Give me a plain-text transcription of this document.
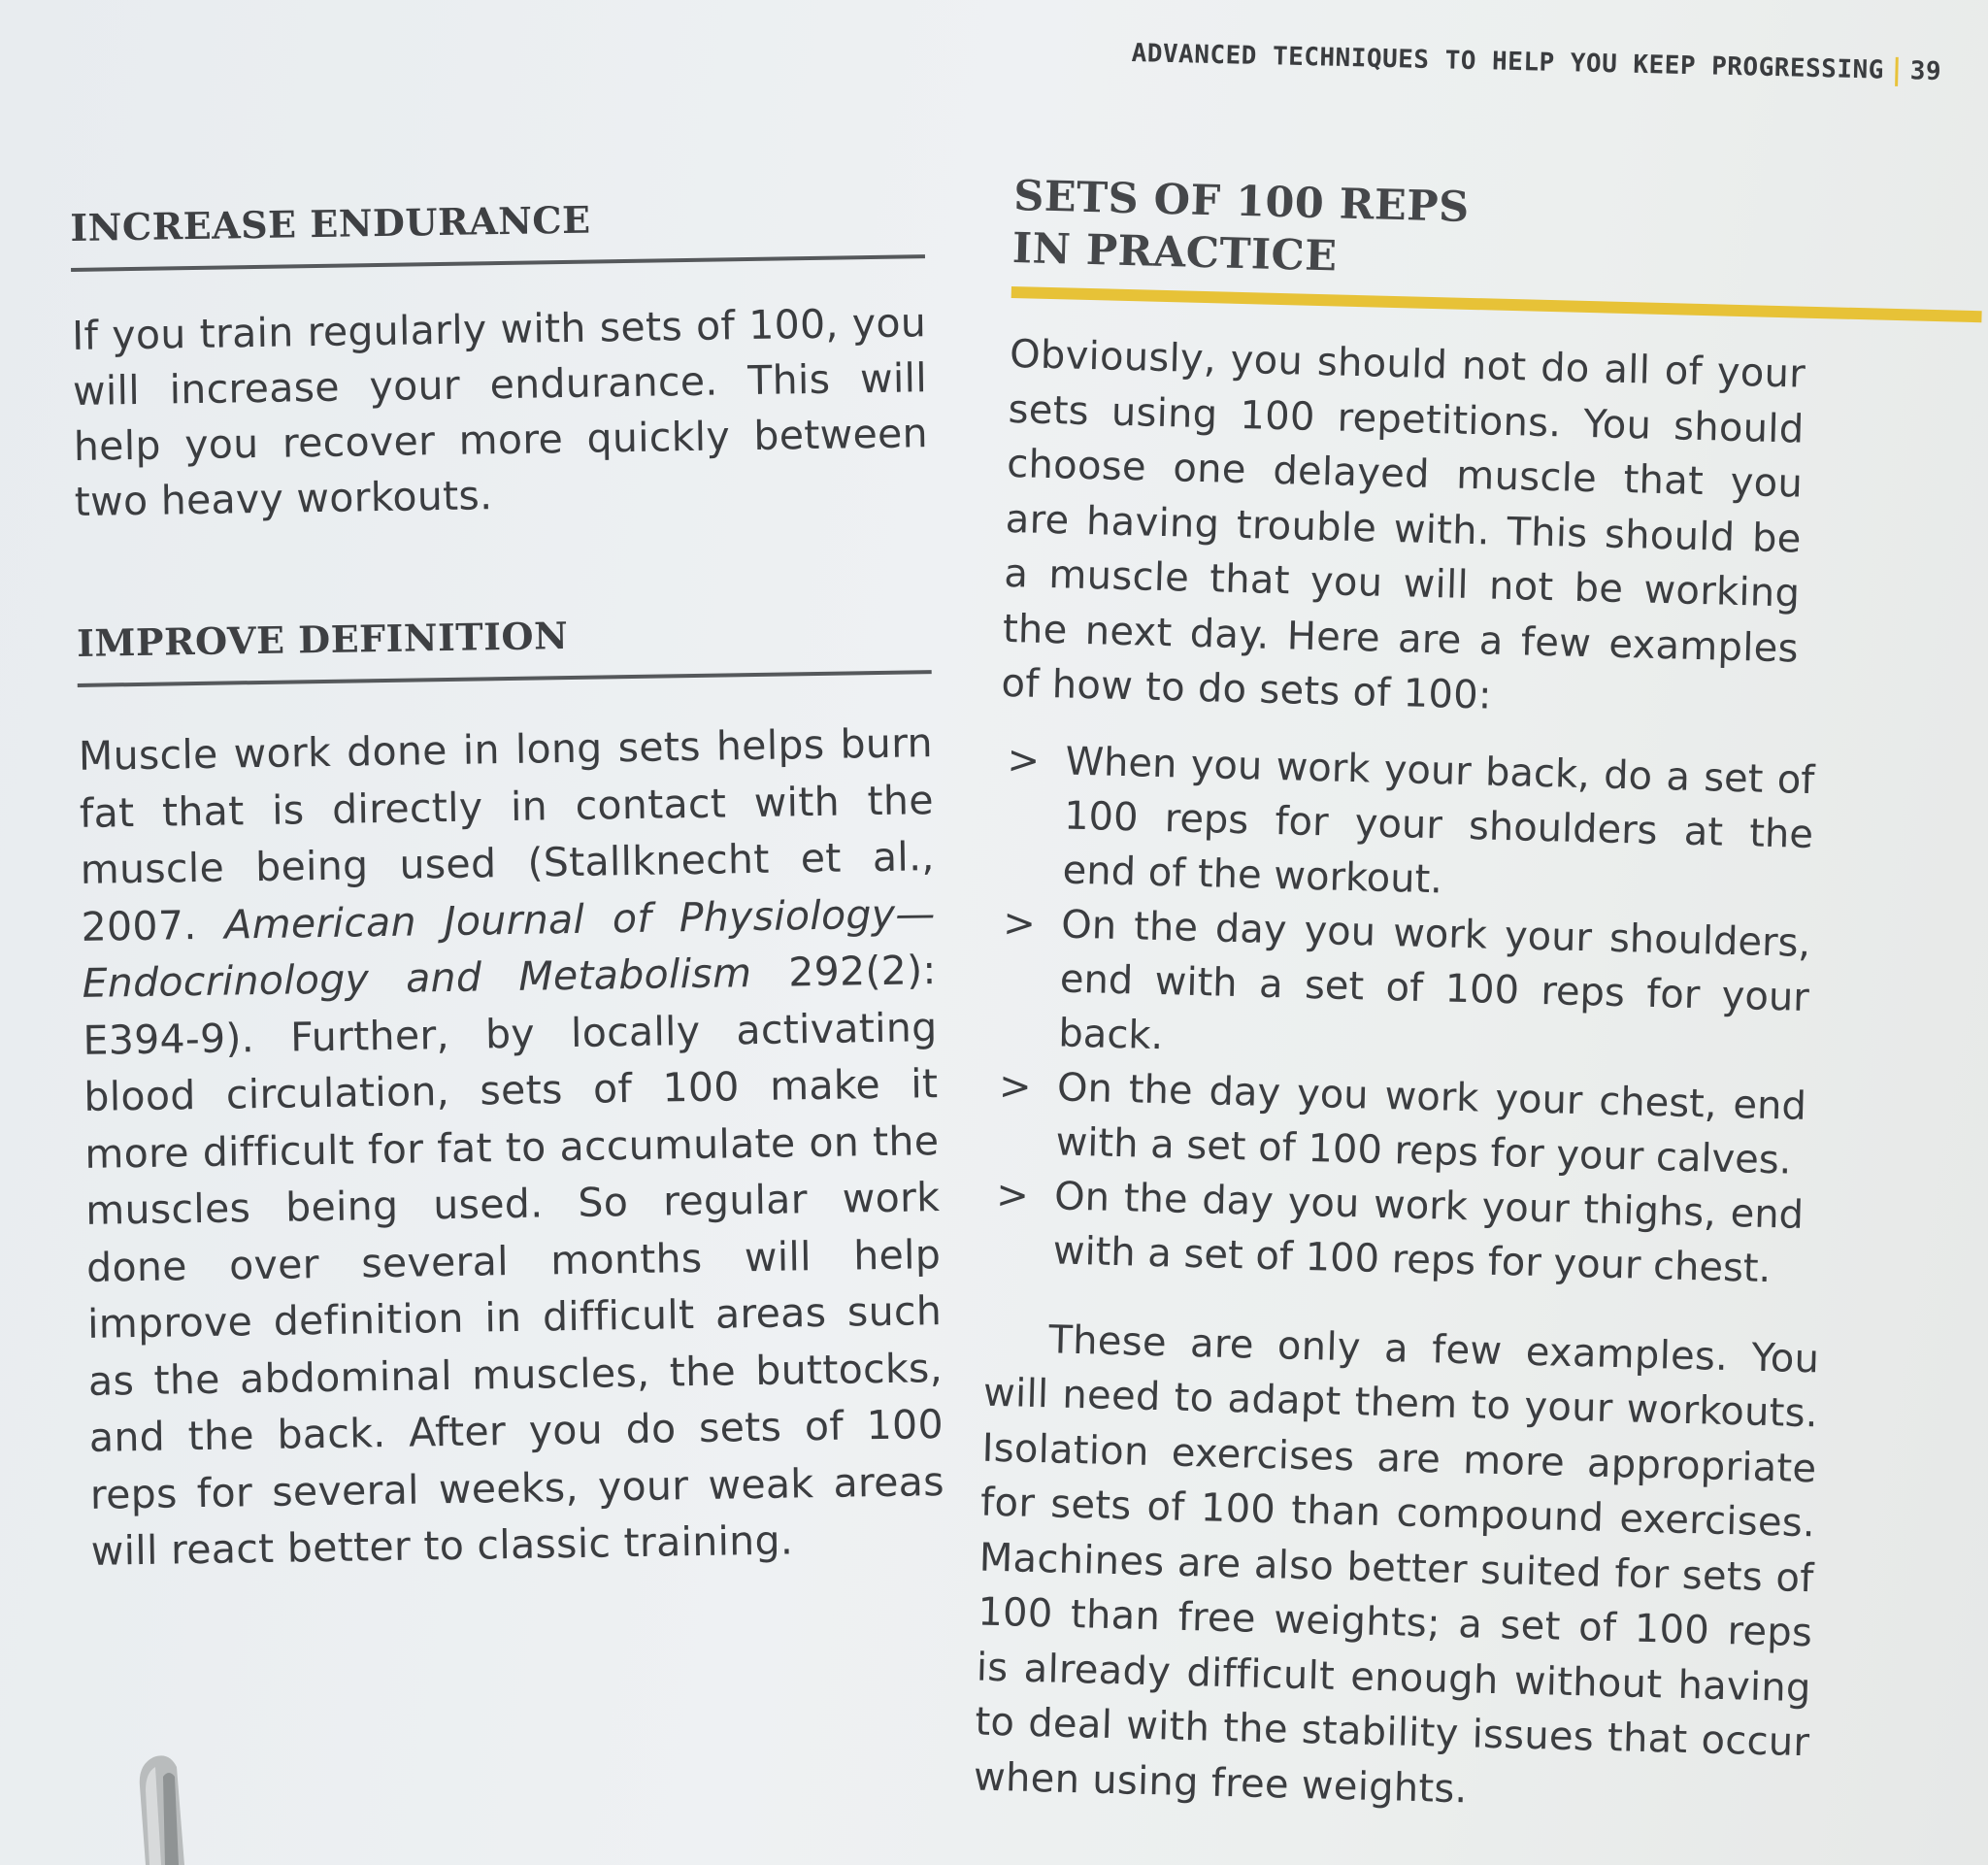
ADVANCED TECHNIQUES TO HELP YOU KEEP PROGRESSING 39
INCREASE ENDURANCE

If you train regularly with sets of 100, you will increase your endurance. This will help you recover more quickly between two heavy workouts.

IMPROVE DEFINITION

Muscle work done in long sets helps burn fat that is directly in contact with the muscle being used (Stallknecht et al., 2007. American Journal of Physiology—Endocrinology and Metabolism 292(2): E394-9). Further, by locally activating blood circulation, sets of 100 make it more difficult for fat to accumulate on the muscles being used. So regular work done over several months will help improve definition in difficult areas such as the abdominal muscles, the buttocks, and the back. After you do sets of 100 reps for several weeks, your weak areas will react better to classic training.

SETS OF 100 REPS
IN PRACTICE

Obviously, you should not do all of your sets using 100 repetitions. You should choose one delayed muscle that you are having trouble with. This should be a muscle that you will not be working the next day. Here are a few examples of how to do sets of 100:

> When you work your back, do a set of 100 reps for your shoulders at the end of the workout.
> On the day you work your shoulders, end with a set of 100 reps for your back.
> On the day you work your chest, end with a set of 100 reps for your calves.
> On the day you work your thighs, end with a set of 100 reps for your chest.

These are only a few examples. You will need to adapt them to your workouts. Isolation exercises are more appropriate for sets of 100 than compound exercises. Machines are also better suited for sets of 100 than free weights; a set of 100 reps is already difficult enough without having to deal with the stability issues that occur when using free weights.
